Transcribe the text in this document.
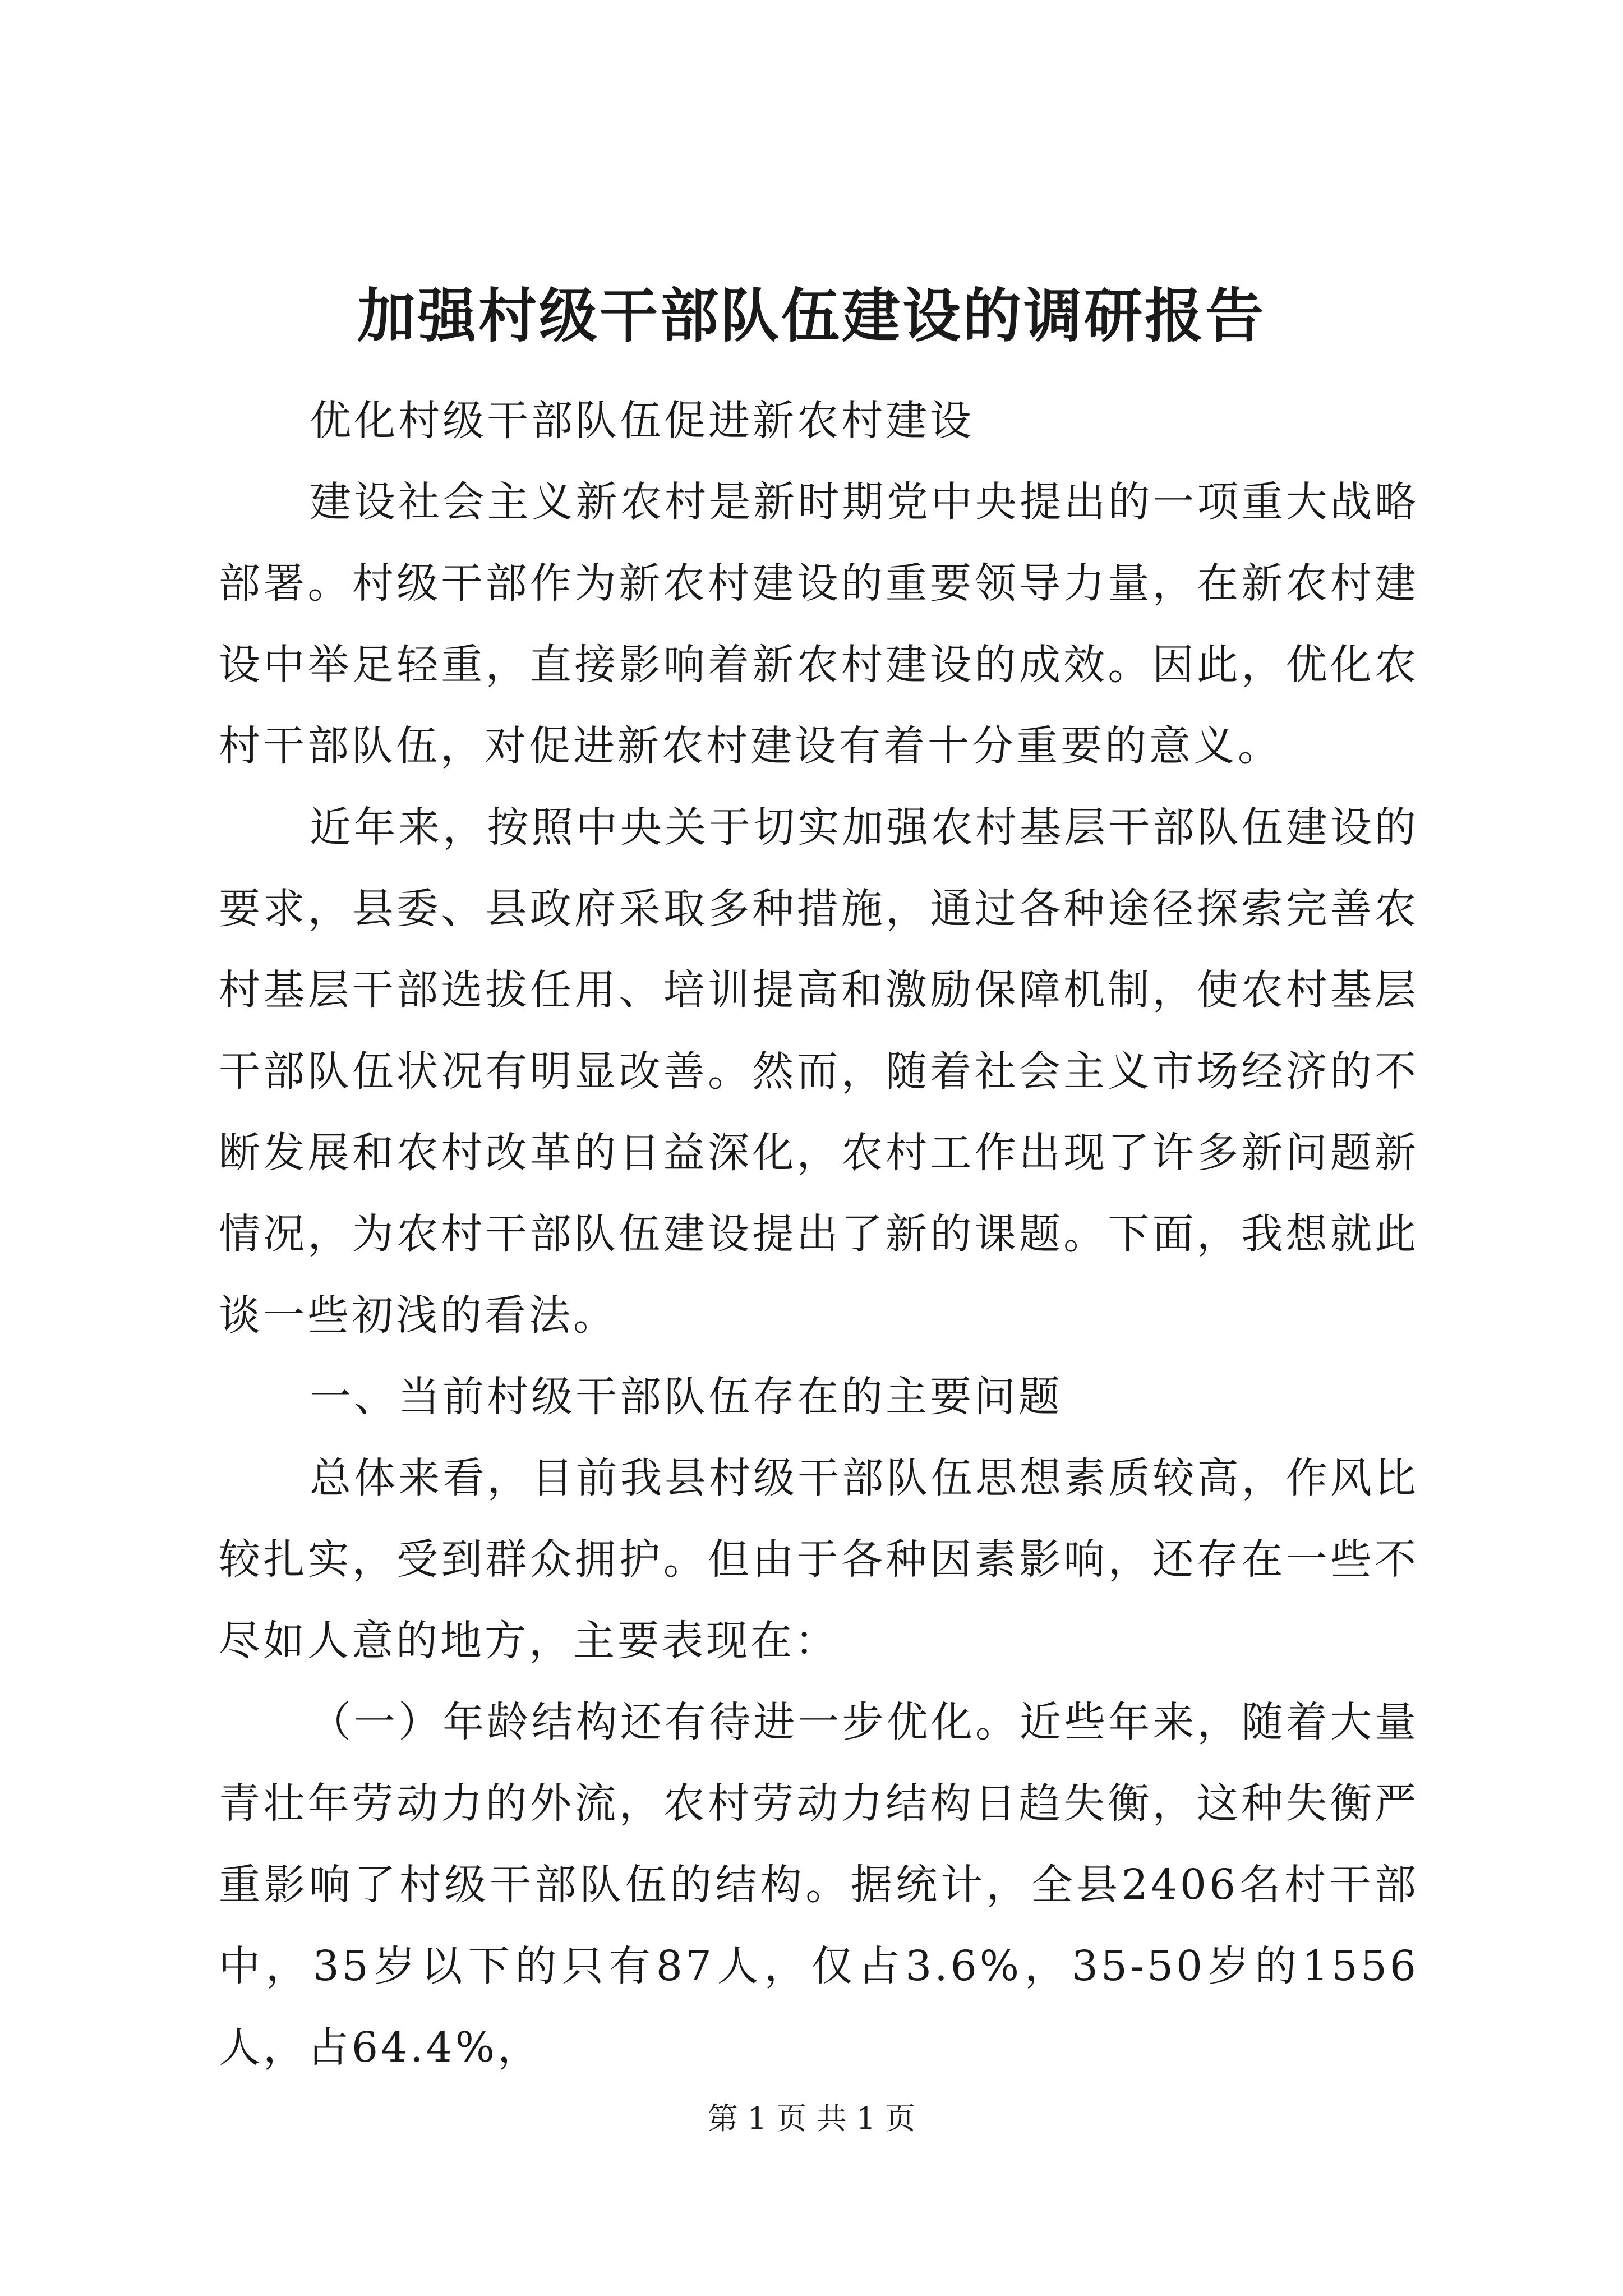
加强村级干部队伍建设的调研报告

优化村级干部队伍促进新农村建设

建设社会主义新农村是新时期党中央提出的一项重大战略部署。村级干部作为新农村建设的重要领导力量，在新农村建设中举足轻重，直接影响着新农村建设的成效。因此，优化农村干部队伍，对促进新农村建设有着十分重要的意义。

近年来，按照中央关于切实加强农村基层干部队伍建设的要求，县委、县政府采取多种措施，通过各种途径探索完善农村基层干部选拔任用、培训提高和激励保障机制，使农村基层干部队伍状况有明显改善。然而，随着社会主义市场经济的不断发展和农村改革的日益深化，农村工作出现了许多新问题新情况，为农村干部队伍建设提出了新的课题。下面，我想就此谈一些初浅的看法。

一、当前村级干部队伍存在的主要问题

总体来看，目前我县村级干部队伍思想素质较高，作风比较扎实，受到群众拥护。但由于各种因素影响，还存在一些不尽如人意的地方，主要表现在：

（一）年龄结构还有待进一步优化。近些年来，随着大量青壮年劳动力的外流，农村劳动力结构日趋失衡，这种失衡严重影响了村级干部队伍的结构。据统计，全县2406名村干部中，35岁以下的只有87人，仅占3.6%，35-50岁的1556人，占64.4%，

第 1 页 共 1 页
